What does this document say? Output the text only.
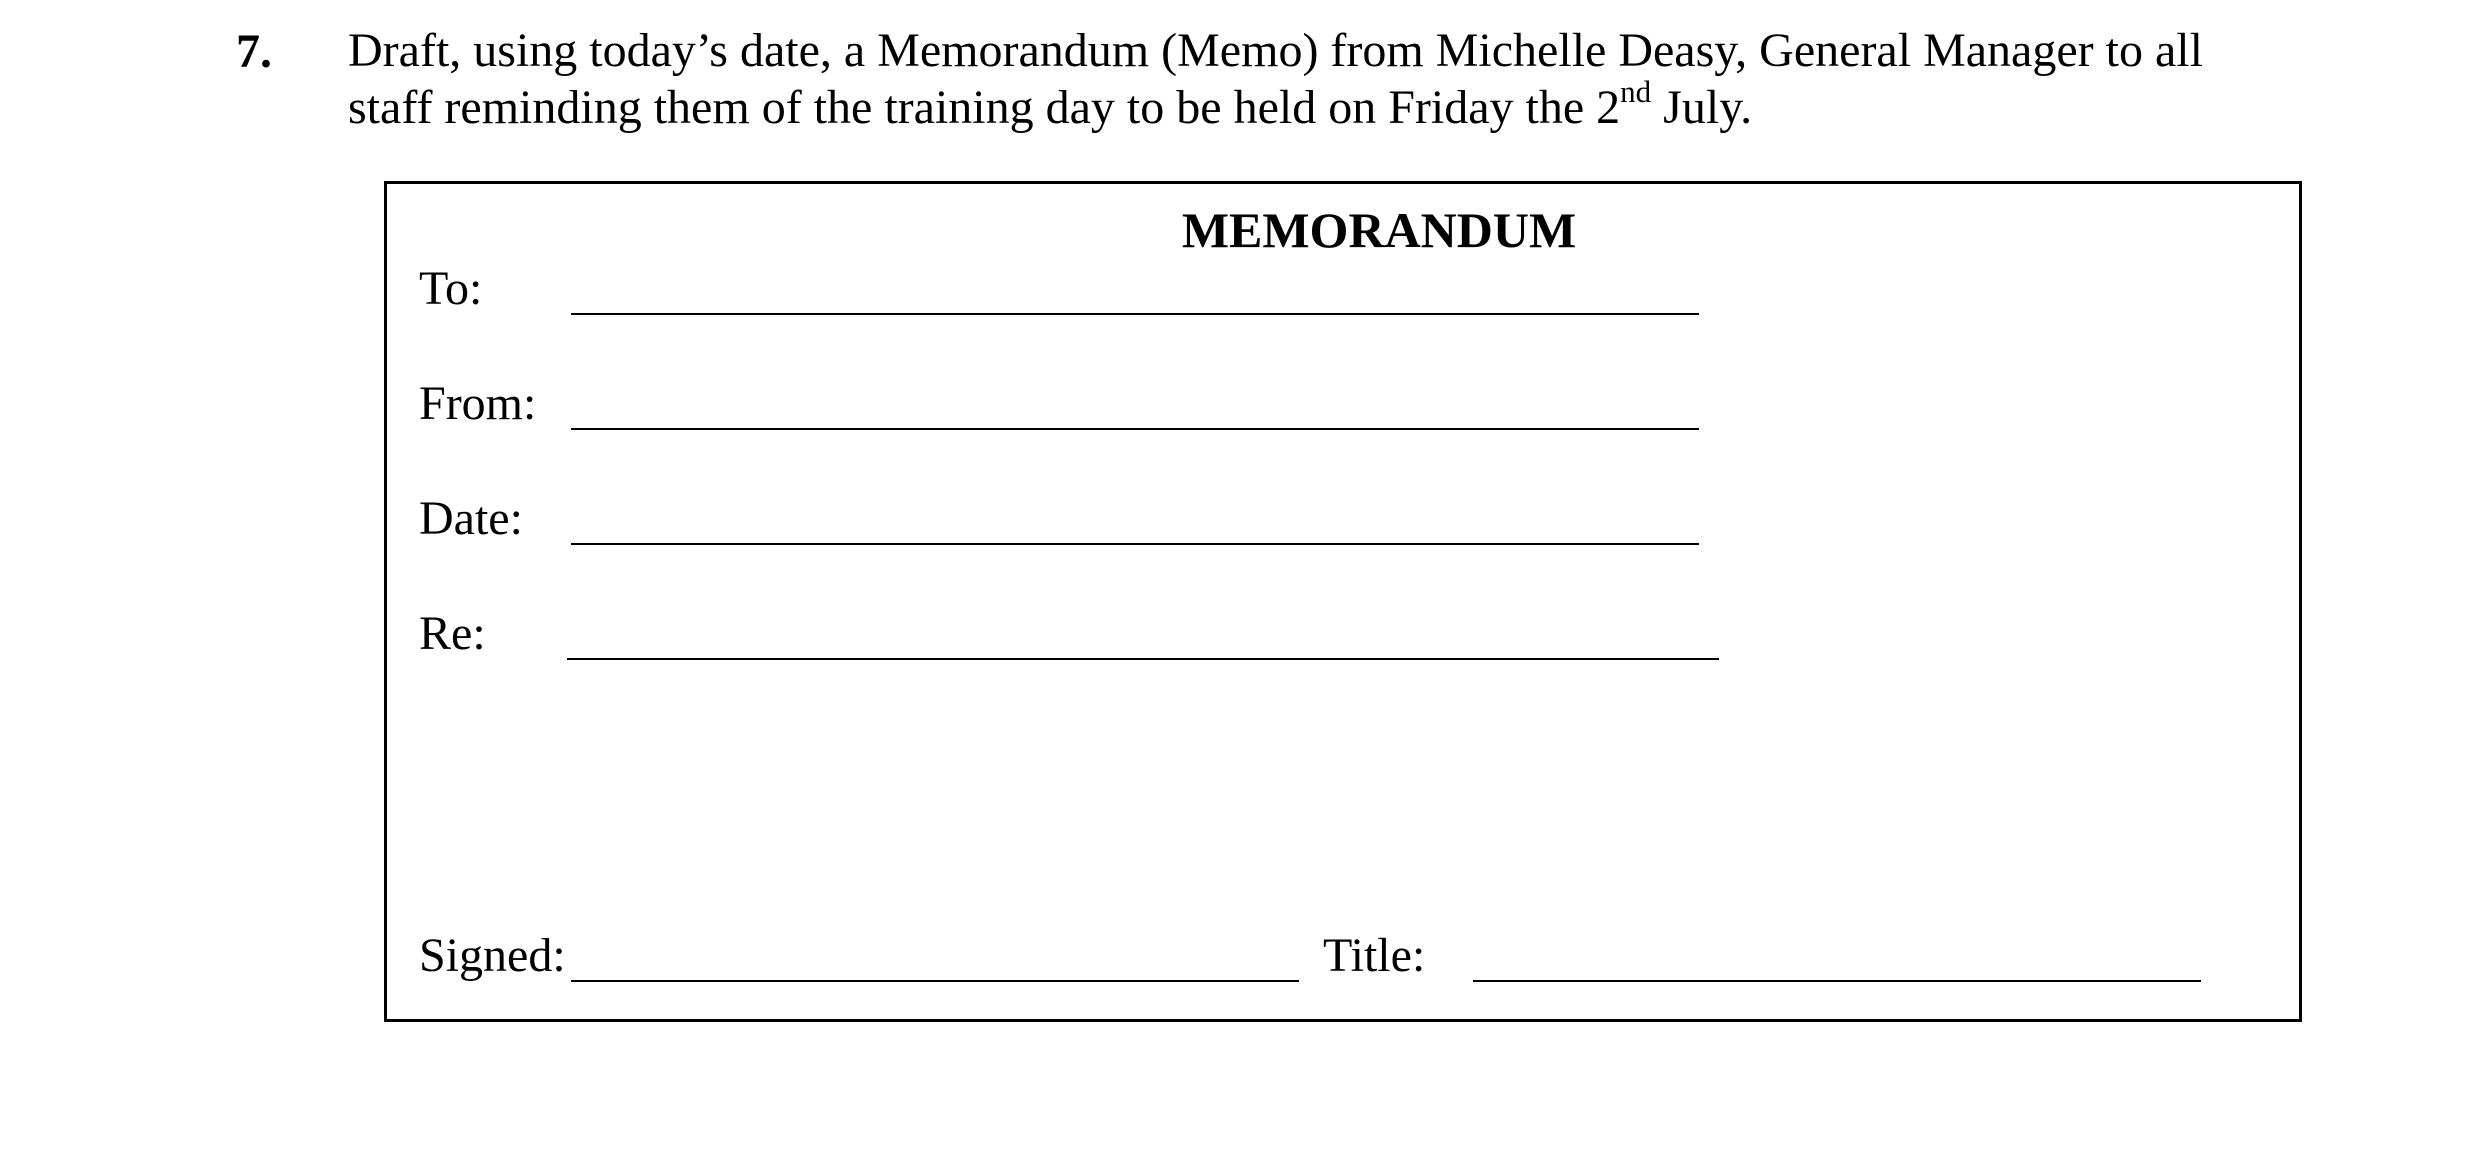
7. Draft, using today’s date, a Memorandum (Memo) from Michelle Deasy, General Manager to all
staff reminding them of the training day to be held on Friday the 2nd July.
MEMORANDUM
To:
From:
Date:
Re:
Signed:	Title:
